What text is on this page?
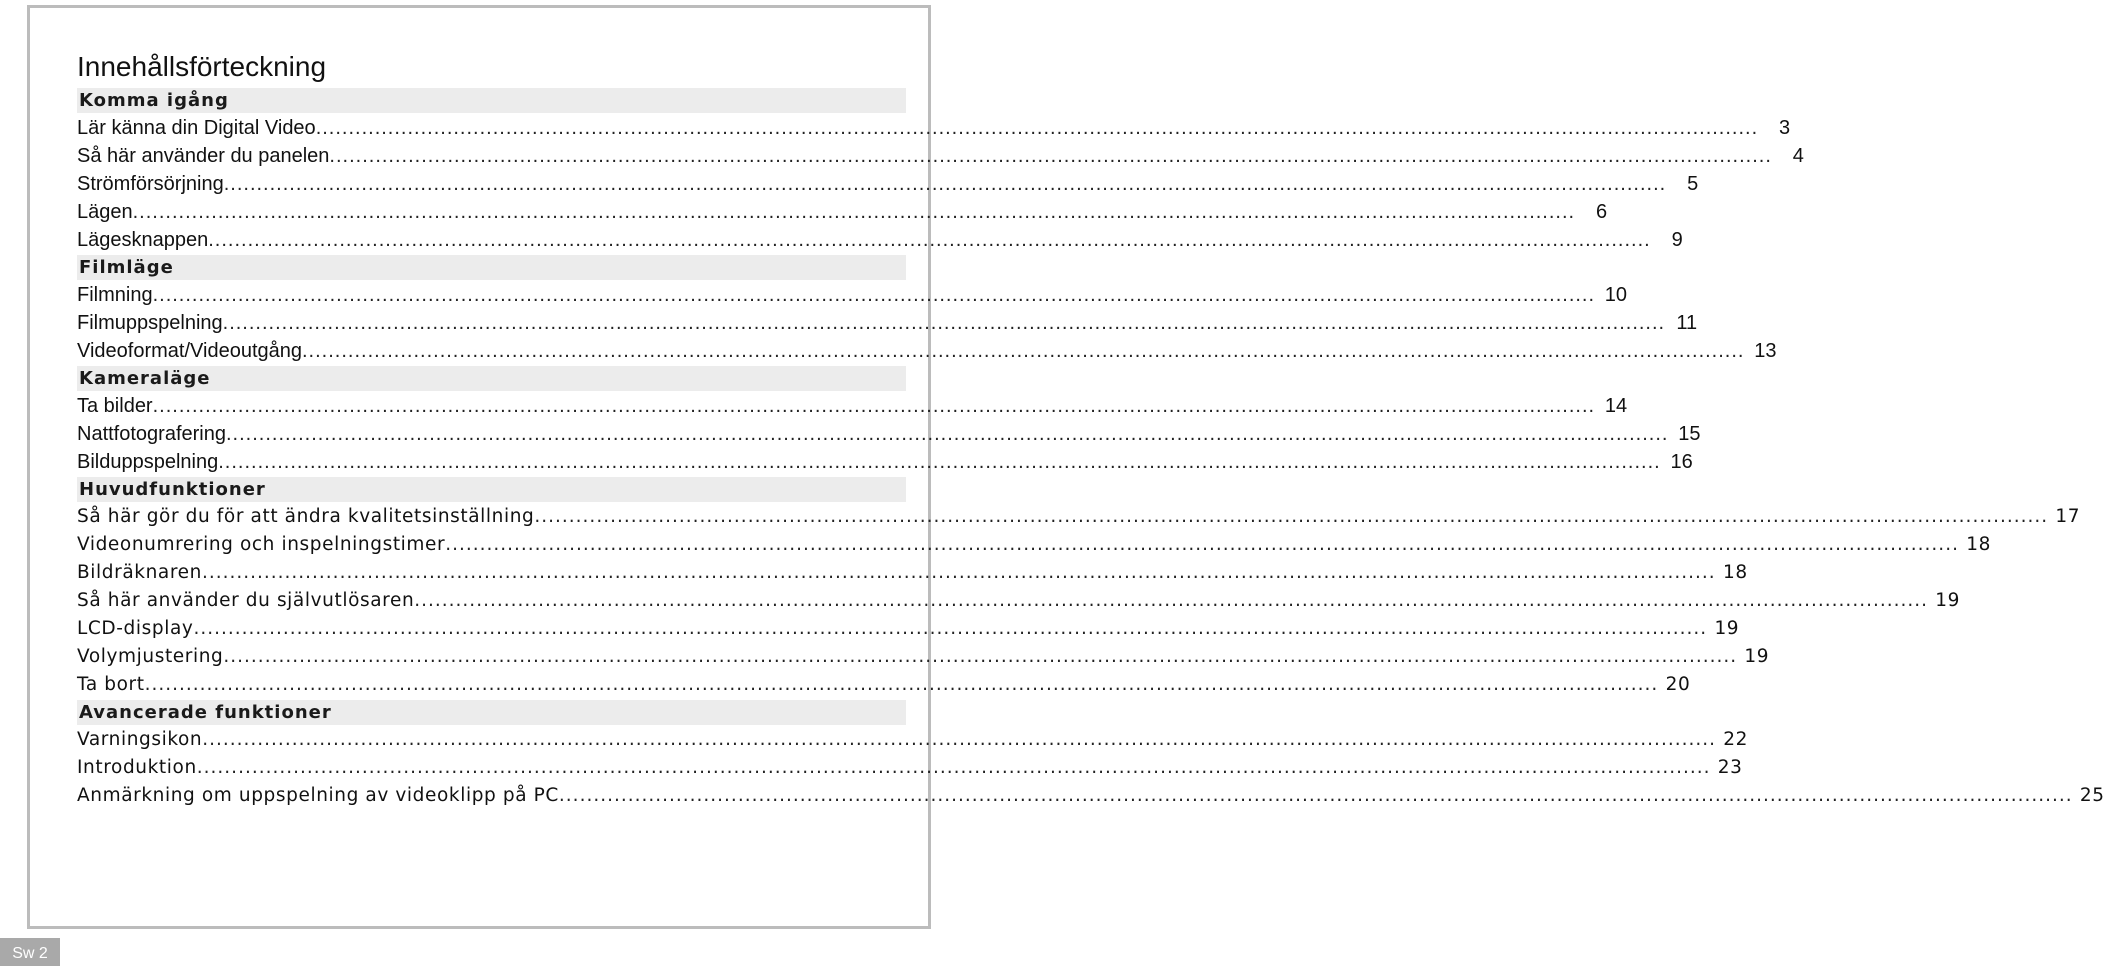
Innehållsförteckning
Komma igång
Lär känna din Digital Video ............................................................................................................................................................................................................................	3
Så här använder du panelen ............................................................................................................................................................................................................................	4
Strömförsörjning ............................................................................................................................................................................................................................	5
Lägen ............................................................................................................................................................................................................................	6
Lägesknappen ............................................................................................................................................................................................................................	9
Filmläge
Filmning ............................................................................................................................................................................................................................ 10
Filmuppspelning ............................................................................................................................................................................................................................ 11
Videoformat/Videoutgång ............................................................................................................................................................................................................................ 13
Kameraläge
Ta bilder ............................................................................................................................................................................................................................ 14
Nattfotografering ............................................................................................................................................................................................................................ 15
Bilduppspelning ............................................................................................................................................................................................................................ 16
Huvudfunktioner
Så här gör du för att ändra kvalitetsinställning ............................................................................................................................................................................................................................ 17
Videonumrering och inspelningstimer ............................................................................................................................................................................................................................ 18
Bildräknaren ............................................................................................................................................................................................................................ 18
Så här använder du självutlösaren ............................................................................................................................................................................................................................ 19
LCD-display ............................................................................................................................................................................................................................ 19
Volymjustering ............................................................................................................................................................................................................................ 19
Ta bort ............................................................................................................................................................................................................................ 20
Avancerade funktioner
Varningsikon ............................................................................................................................................................................................................................ 22
Introduktion ............................................................................................................................................................................................................................ 23
Anmärkning om uppspelning av videoklipp på PC ............................................................................................................................................................................................................................ 25
Sw 2
